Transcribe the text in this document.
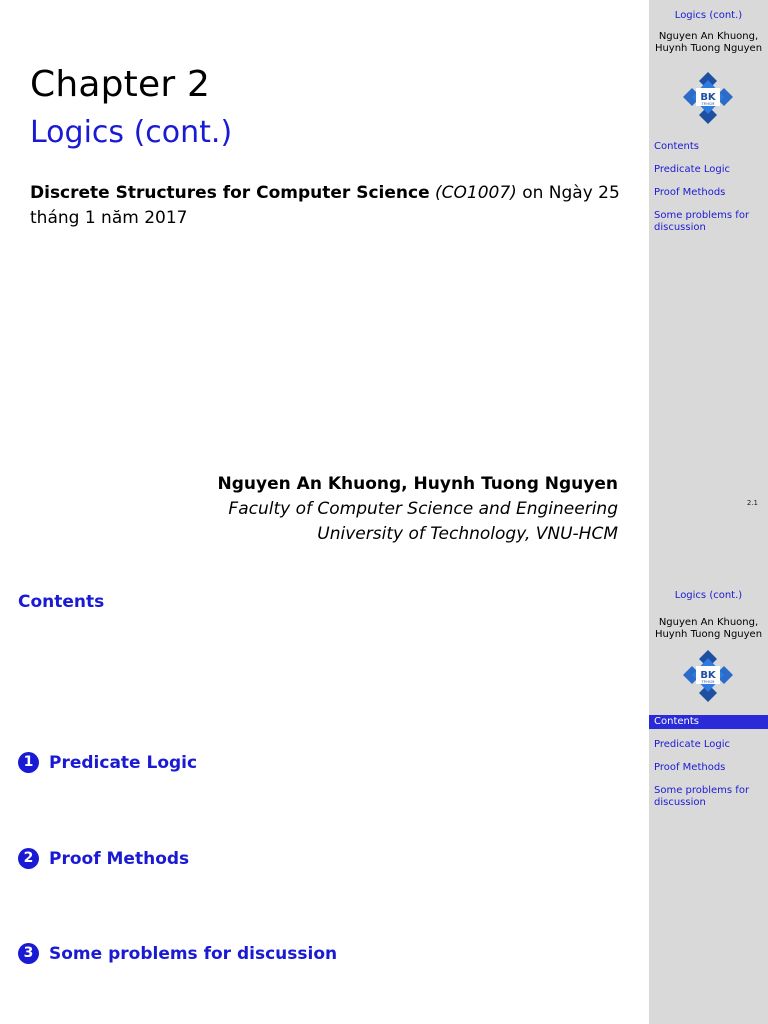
Chapter 2
Logics (cont.)
Discrete Structures for Computer Science (CO1007) on Ngày 25 tháng 1 năm 2017
Nguyen An Khuong, Huynh Tuong Nguyen
Faculty of Computer Science and Engineering
University of Technology, VNU-HCM
Logics (cont.)
Nguyen An Khuong,
Huynh Tuong Nguyen
BK
TP.HCM
Contents
Predicate Logic
Proof Methods
Some problems for discussion
2.1
Contents
1 Predicate Logic
2 Proof Methods
3 Some problems for discussion
Logics (cont.)
Nguyen An Khuong,
Huynh Tuong Nguyen
BK
TP.HCM
Contents
Predicate Logic
Proof Methods
Some problems for discussion
